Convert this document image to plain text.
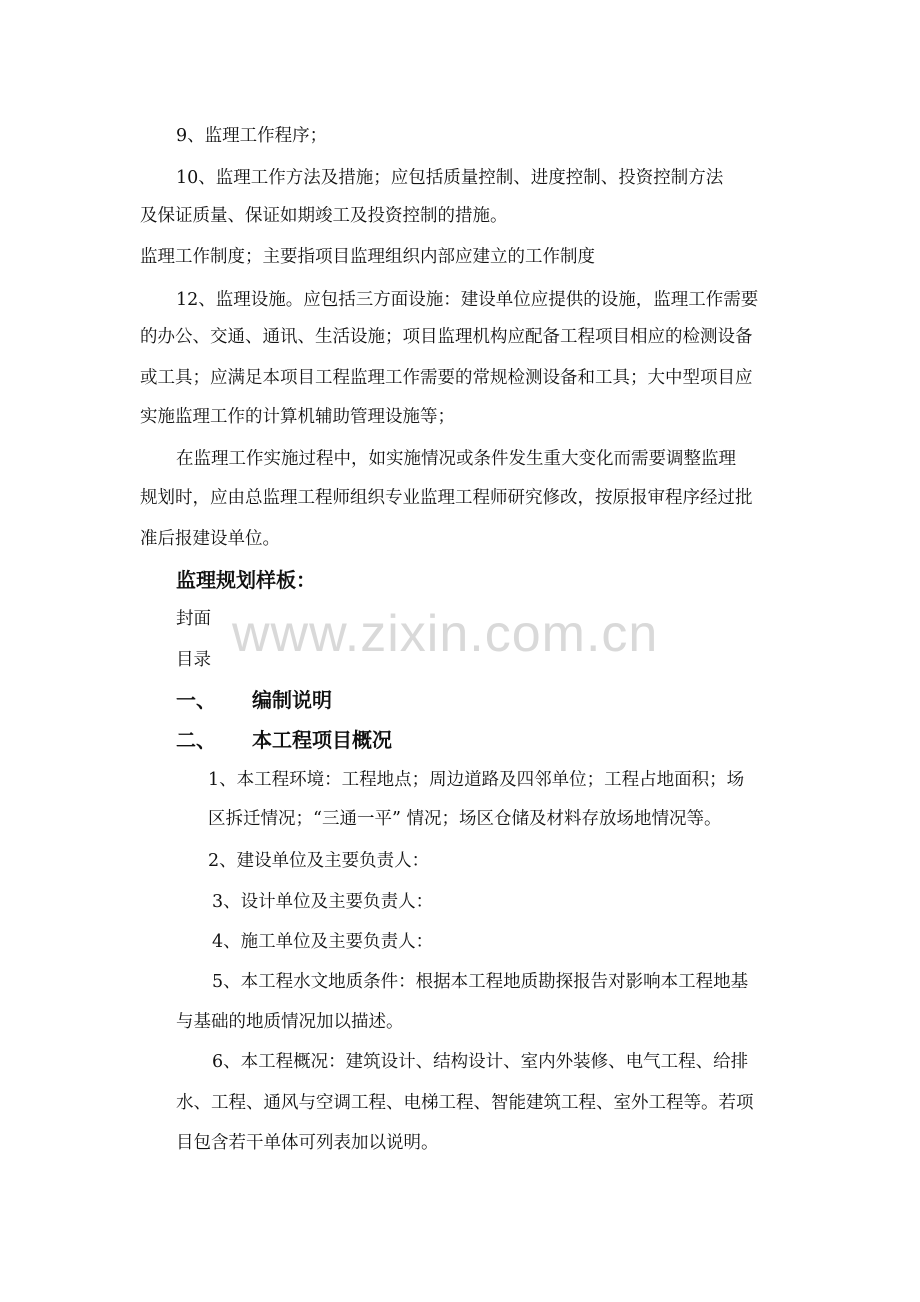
www.zixin.com.cn
9、监理工作程序；
10、监理工作方法及措施；应包括质量控制、进度控制、投资控制方法
及保证质量、保证如期竣工及投资控制的措施。
监理工作制度；主要指项目监理组织内部应建立的工作制度
12、监理设施。应包括三方面设施：建设单位应提供的设施，监理工作需要
的办公、交通、通讯、生活设施；项目监理机构应配备工程项目相应的检测设备
或工具；应满足本项目工程监理工作需要的常规检测设备和工具；大中型项目应
实施监理工作的计算机辅助管理设施等；
在监理工作实施过程中，如实施情况或条件发生重大变化而需要调整监理
规划时，应由总监理工程师组织专业监理工程师研究修改，按原报审程序经过批
准后报建设单位。
监理规划样板：
封面
目录
一、 编制说明
二、 本工程项目概况
1、本工程环境：工程地点；周边道路及四邻单位；工程占地面积；场
区拆迁情况；“三通一平” 情况；场区仓储及材料存放场地情况等。
2、建设单位及主要负责人：
3、设计单位及主要负责人：
4、施工单位及主要负责人：
5、本工程水文地质条件：根据本工程地质勘探报告对影响本工程地基
与基础的地质情况加以描述。
6、本工程概况：建筑设计、结构设计、室内外装修、电气工程、给排
水、工程、通风与空调工程、电梯工程、智能建筑工程、室外工程等。若项
目包含若干单体可列表加以说明。
